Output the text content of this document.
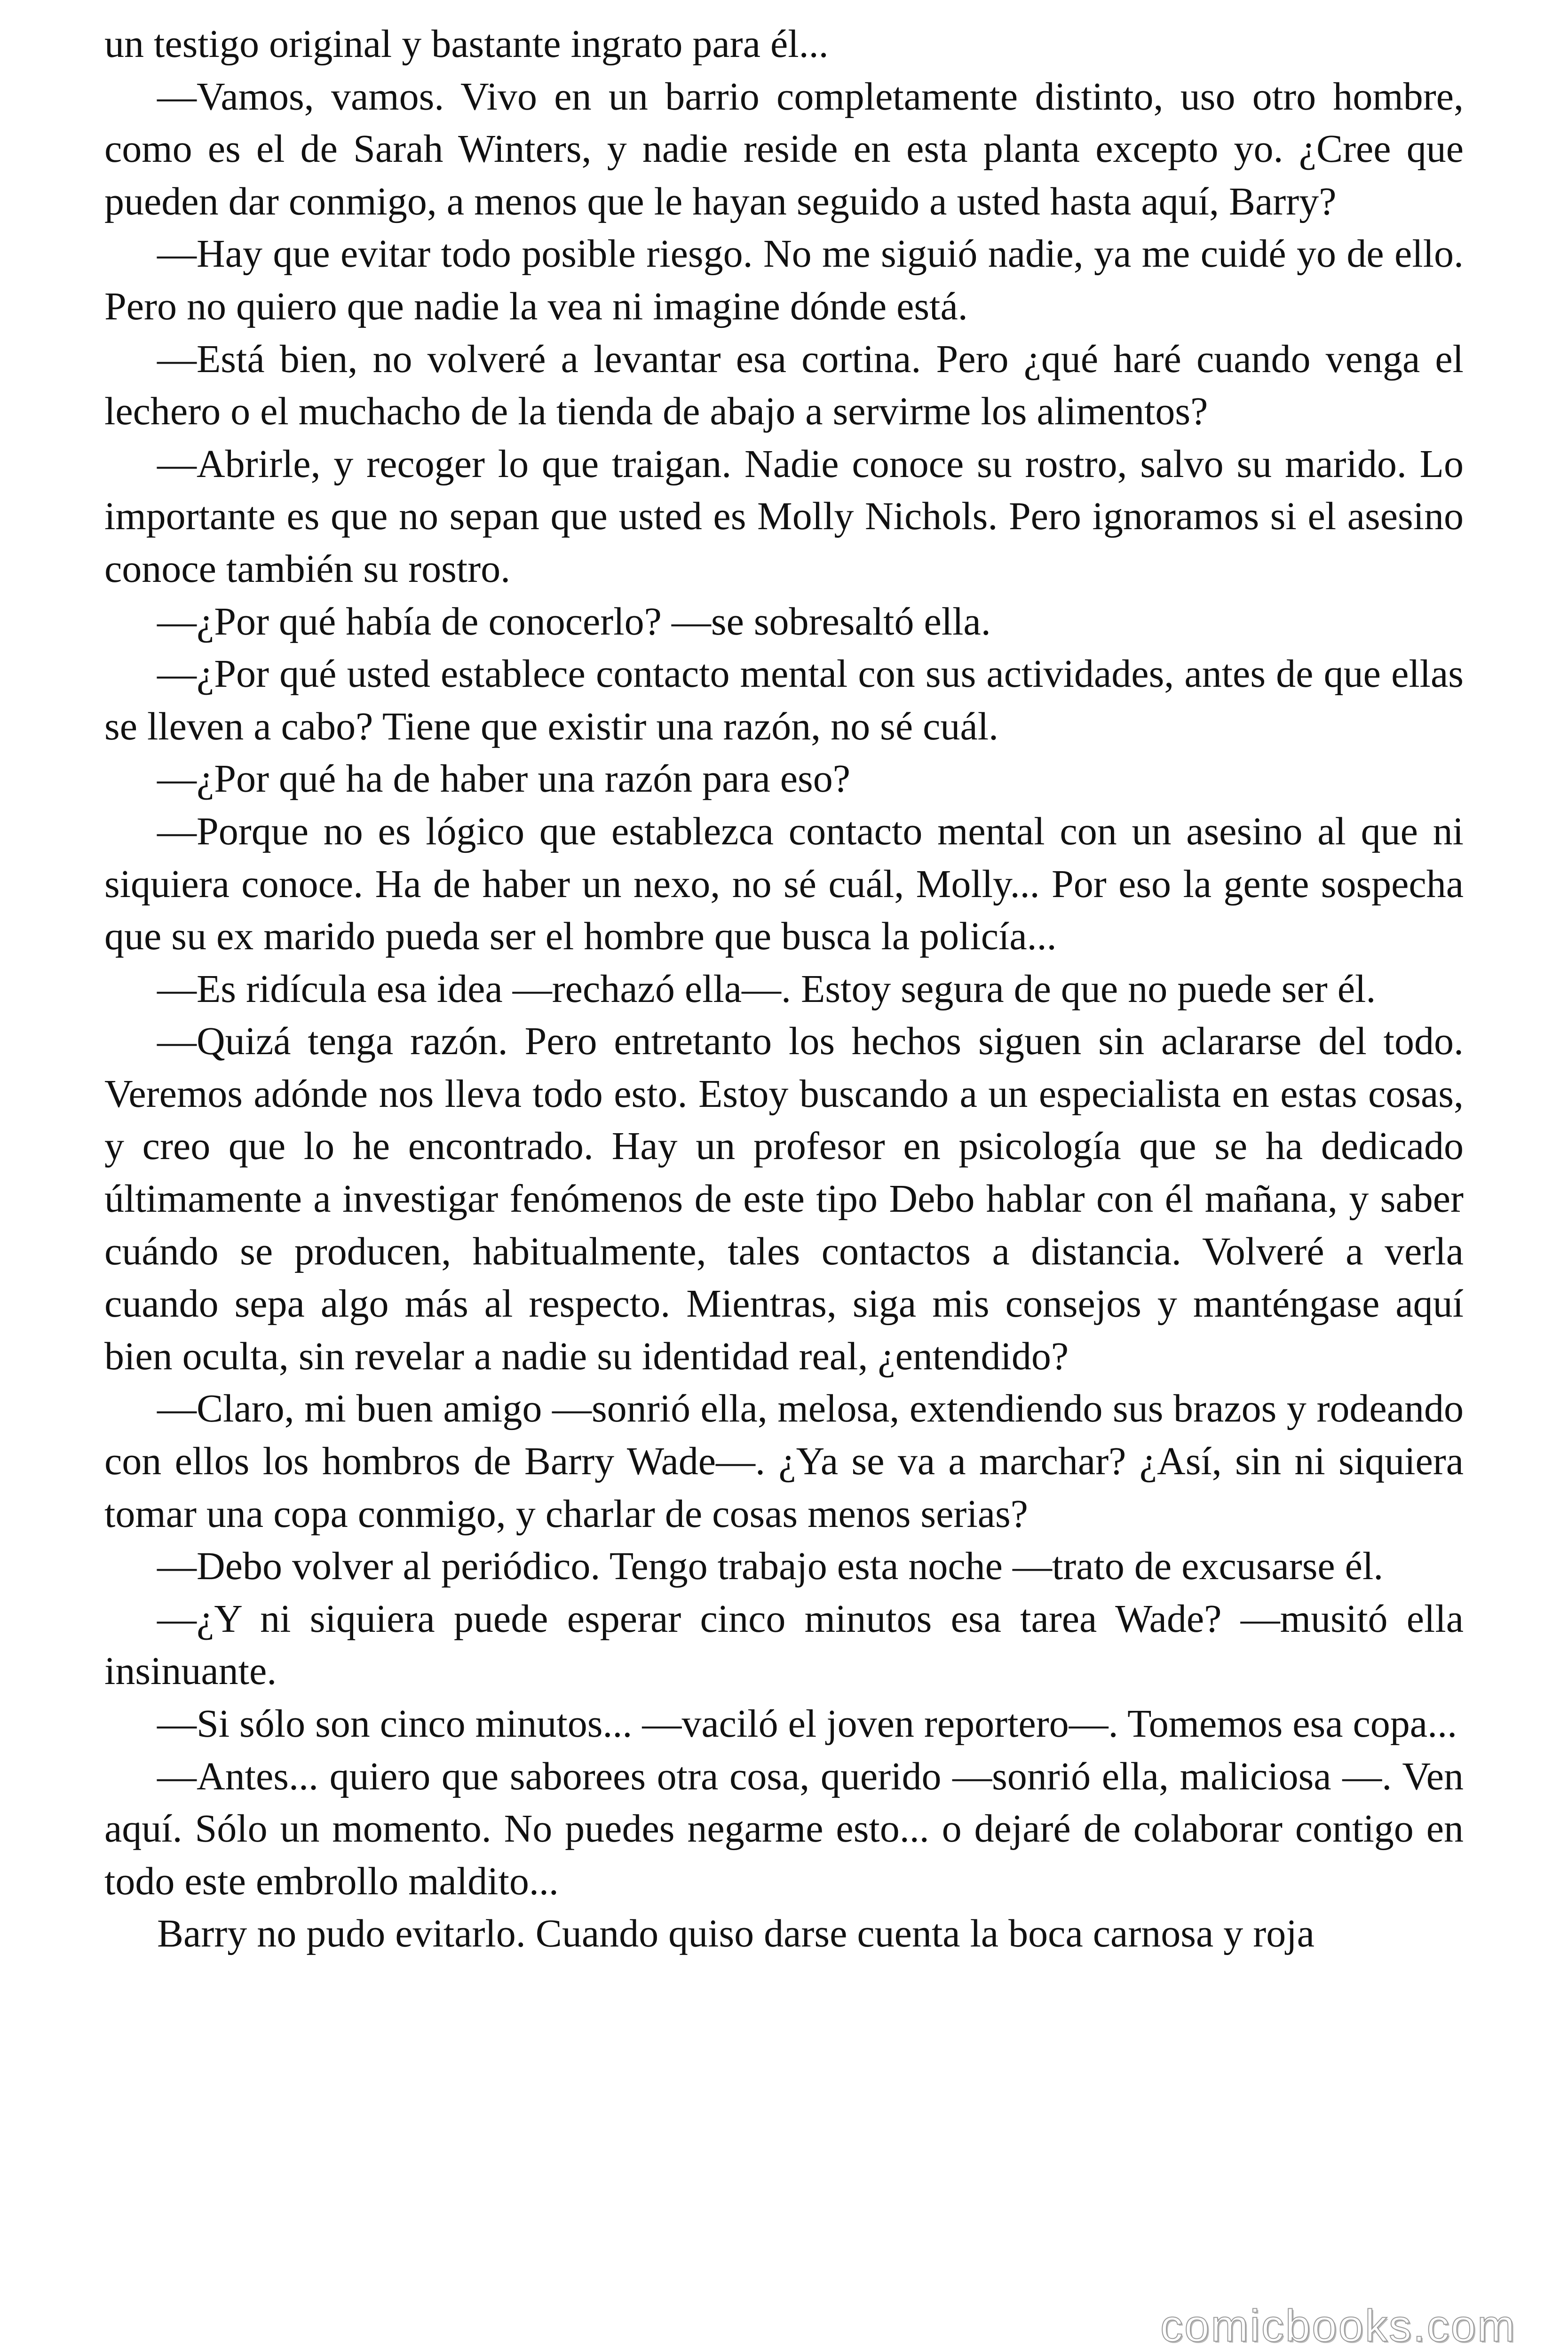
un testigo original y bastante ingrato para él...

—Vamos, vamos. Vivo en un barrio completamente distinto, uso otro hombre, como es el de Sarah Winters, y nadie reside en esta planta excepto yo. ¿Cree que pueden dar conmigo, a menos que le hayan seguido a usted hasta aquí, Barry?

—Hay que evitar todo posible riesgo. No me siguió nadie, ya me cuidé yo de ello. Pero no quiero que nadie la vea ni imagine dónde está.

—Está bien, no volveré a levantar esa cortina. Pero ¿qué haré cuando venga el lechero o el muchacho de la tienda de abajo a servirme los alimentos?

—Abrirle, y recoger lo que traigan. Nadie conoce su rostro, salvo su marido. Lo importante es que no sepan que usted es Molly Nichols. Pero ignoramos si el asesino conoce también su rostro.

—¿Por qué había de conocerlo? —se sobresaltó ella.

—¿Por qué usted establece contacto mental con sus actividades, antes de que ellas se lleven a cabo? Tiene que existir una razón, no sé cuál.

—¿Por qué ha de haber una razón para eso?

—Porque no es lógico que establezca contacto mental con un asesino al que ni siquiera conoce. Ha de haber un nexo, no sé cuál, Molly... Por eso la gente sospecha que su ex marido pueda ser el hombre que busca la policía...

—Es ridícula esa idea —rechazó ella—. Estoy segura de que no puede ser él.

—Quizá tenga razón. Pero entretanto los hechos siguen sin aclararse del todo. Veremos adónde nos lleva todo esto. Estoy buscando a un especialista en estas cosas, y creo que lo he encontrado. Hay un profesor en psicología que se ha dedicado últimamente a investigar fenómenos de este tipo Debo hablar con él mañana, y saber cuándo se producen, habitualmente, tales contactos a distancia. Volveré a verla cuando sepa algo más al respecto. Mientras, siga mis consejos y manténgase aquí bien oculta, sin revelar a nadie su identidad real, ¿entendido?

—Claro, mi buen amigo —sonrió ella, melosa, extendiendo sus brazos y rodeando con ellos los hombros de Barry Wade—. ¿Ya se va a marchar? ¿Así, sin ni siquiera tomar una copa conmigo, y charlar de cosas menos serias?

—Debo volver al periódico. Tengo trabajo esta noche —trato de excusarse él.

—¿Y ni siquiera puede esperar cinco minutos esa tarea Wade? —musitó ella insinuante.

—Si sólo son cinco minutos... —vaciló el joven reportero—. Tomemos esa copa...

—Antes... quiero que saborees otra cosa, querido —sonrió ella, maliciosa —. Ven aquí. Sólo un momento. No puedes negarme esto... o dejaré de colaborar contigo en todo este embrollo maldito...

Barry no pudo evitarlo. Cuando quiso darse cuenta la boca carnosa y roja

comicbooks.com
